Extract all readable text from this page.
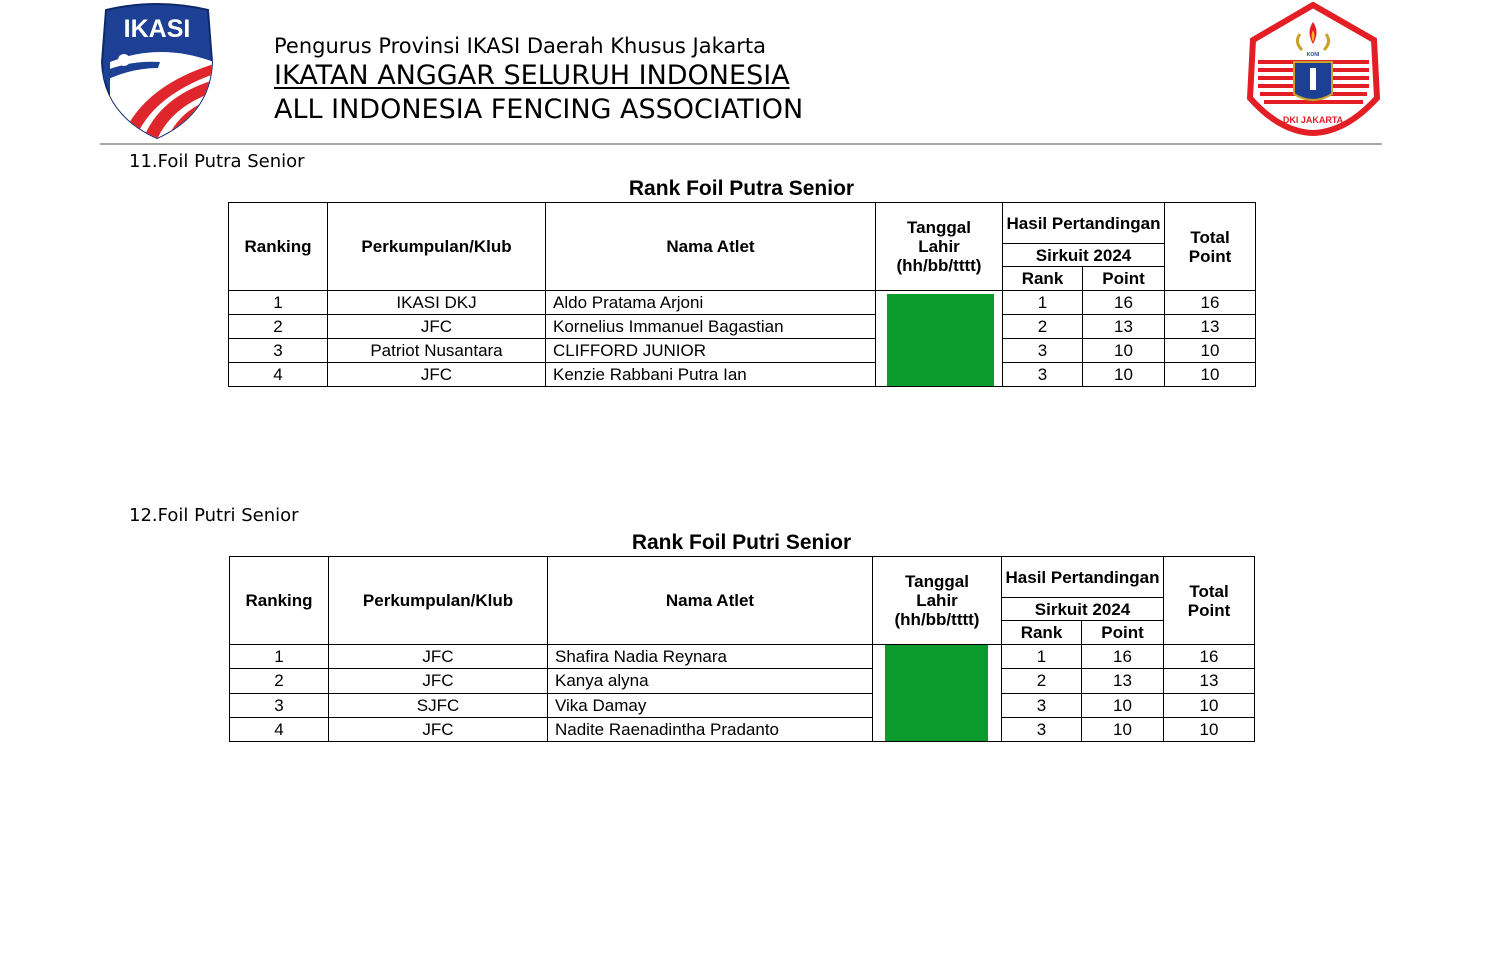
IKASI
Pengurus Provinsi IKASI Daerah Khusus Jakarta
IKATAN ANGGAR SELURUH INDONESIA
ALL INDONESIA FENCING ASSOCIATION
KONI
DKI JAKARTA
11.Foil Putra Senior
Rank Foil Putra Senior
Ranking	Perkumpulan/Klub	Nama Atlet	Tanggal Lahir (hh/bb/tttt)	Hasil Pertandingan		Total Point
				Sirkuit 2024		
				Rank	Point	
1	IKASI DKJ	Aldo Pratama Arjoni		1	16	16
2	JFC	Kornelius Immanuel Bagastian		2	13	13
3	Patriot Nusantara	CLIFFORD JUNIOR		3	10	10
4	JFC	Kenzie Rabbani Putra Ian		3	10	10
12.Foil Putri Senior
Rank Foil Putri Senior
Ranking	Perkumpulan/Klub	Nama Atlet	Tanggal Lahir (hh/bb/tttt)	Hasil Pertandingan		Total Point
				Sirkuit 2024		
				Rank	Point	
1	JFC	Shafira Nadia Reynara		1	16	16
2	JFC	Kanya alyna		2	13	13
3	SJFC	Vika Damay		3	10	10
4	JFC	Nadite Raenadintha Pradanto		3	10	10
